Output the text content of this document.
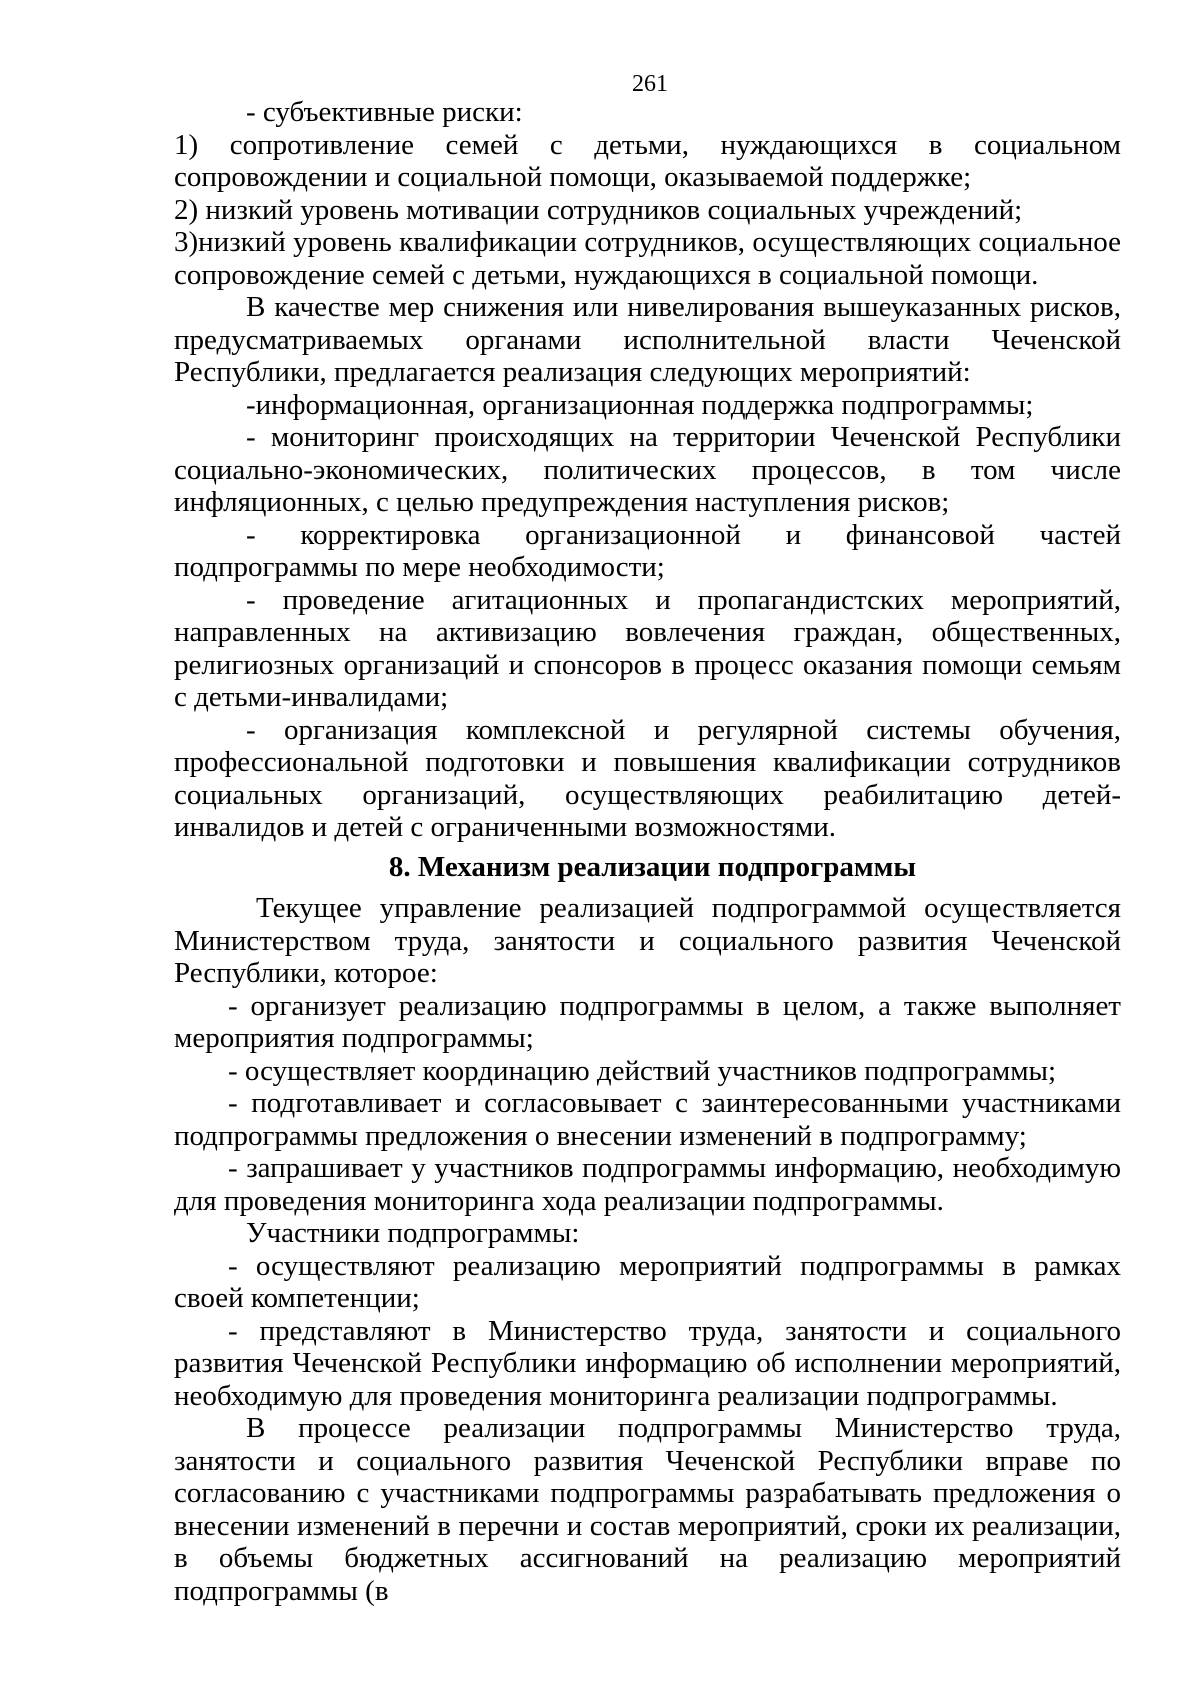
261

- субъективные риски:

1) сопротивление семей с детьми, нуждающихся в социальном сопровождении и социальной помощи, оказываемой поддержке;

2) низкий уровень мотивации сотрудников социальных учреждений;

3)низкий уровень квалификации сотрудников, осуществляющих социальное сопровождение семей с детьми, нуждающихся в социальной помощи.

В качестве мер снижения или нивелирования вышеуказанных рисков, предусматриваемых органами исполнительной власти Чеченской Республики, предлагается реализация следующих мероприятий:

-информационная, организационная поддержка подпрограммы;

- мониторинг происходящих на территории Чеченской Республики социально-экономических, политических процессов, в том числе инфляционных, с целью предупреждения наступления рисков;

- корректировка организационной и финансовой частей подпрограммы по мере необходимости;

- проведение агитационных и пропагандистских мероприятий, направленных на активизацию вовлечения граждан, общественных, религиозных организаций и спонсоров в процесс оказания помощи семьям с детьми-инвалидами;

- организация комплексной и регулярной системы обучения, профессиональной подготовки и повышения квалификации сотрудников социальных организаций, осуществляющих реабилитацию детей-инвалидов и детей с ограниченными возможностями.

8. Механизм реализации подпрограммы

Текущее управление реализацией подпрограммой осуществляется Министерством труда, занятости и социального развития Чеченской Республики, которое:

- организует реализацию подпрограммы в целом, а также выполняет мероприятия подпрограммы;

- осуществляет координацию действий участников подпрограммы;

- подготавливает и согласовывает с заинтересованными участниками подпрограммы предложения о внесении изменений в подпрограмму;

- запрашивает у участников подпрограммы информацию, необходимую для проведения мониторинга хода реализации подпрограммы.

Участники подпрограммы:

- осуществляют реализацию мероприятий подпрограммы в рамках своей компетенции;

- представляют в Министерство труда, занятости и социального развития Чеченской Республики информацию об исполнении мероприятий, необходимую для проведения мониторинга реализации подпрограммы.

В процессе реализации подпрограммы Министерство труда, занятости и социального развития Чеченской Республики вправе по согласованию с участниками подпрограммы разрабатывать предложения о внесении изменений в перечни и состав мероприятий, сроки их реализации, в объемы бюджетных ассигнований на реализацию мероприятий подпрограммы (в
